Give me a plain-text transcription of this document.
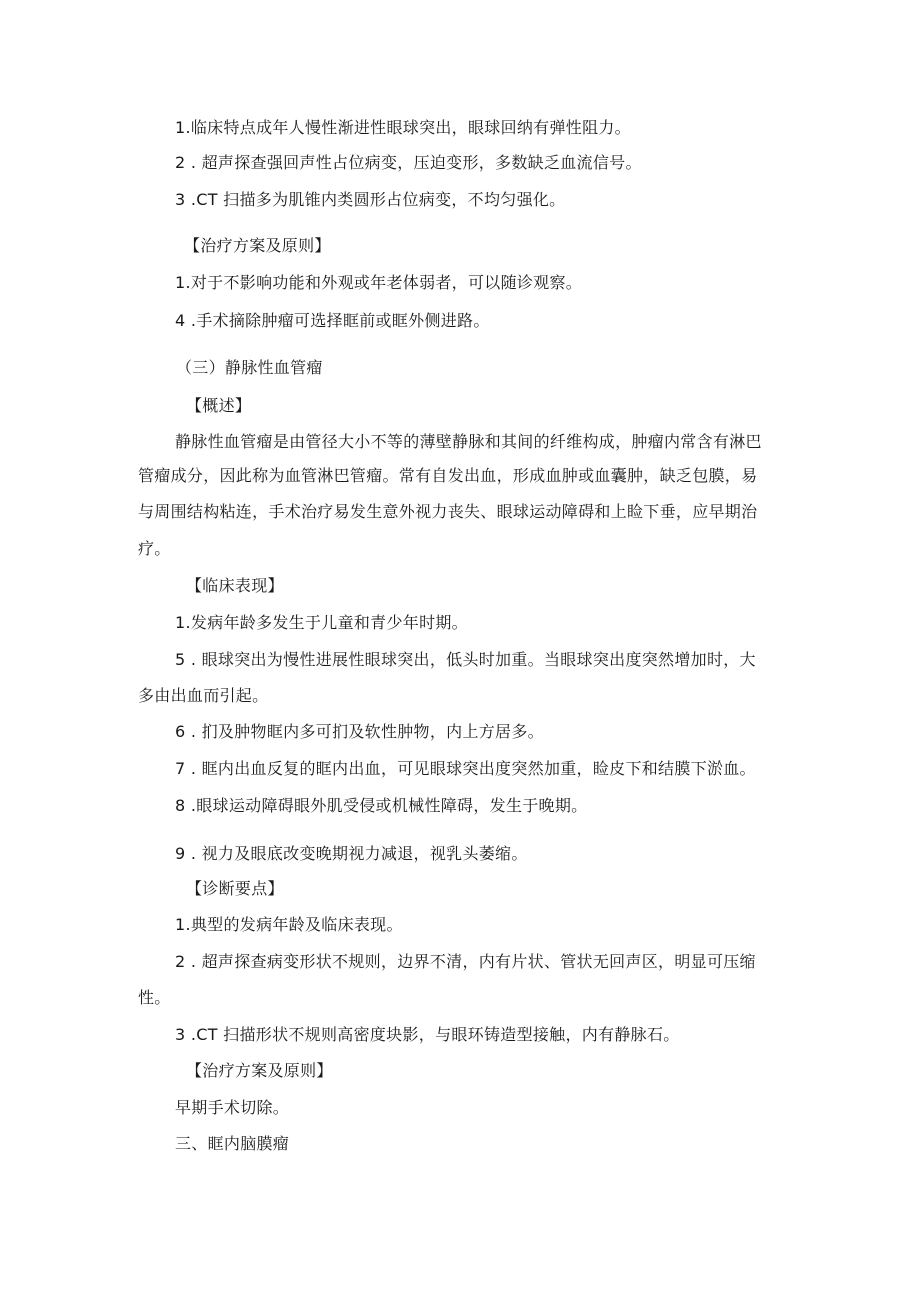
1.临床特点成年人慢性渐进性眼球突出，眼球回纳有弹性阻力。
2 . 超声探查强回声性占位病变，压迫变形，多数缺乏血流信号。
3 .CT 扫描多为肌锥内类圆形占位病变，不均匀强化。
【治疗方案及原则】
1.对于不影响功能和外观或年老体弱者，可以随诊观察。
4 .手术摘除肿瘤可选择眶前或眶外侧进路。
（三）静脉性血管瘤
【概述】
静脉性血管瘤是由管径大小不等的薄壁静脉和其间的纤维构成，肿瘤内常含有淋巴
管瘤成分，因此称为血管淋巴管瘤。常有自发出血，形成血肿或血囊肿，缺乏包膜，易
与周围结构粘连，手术治疗易发生意外视力丧失、眼球运动障碍和上睑下垂，应早期治
疗。
【临床表现】
1.发病年龄多发生于儿童和青少年时期。
5 . 眼球突出为慢性进展性眼球突出，低头时加重。当眼球突出度突然增加时，大
多由出血而引起。
6 . 扪及肿物眶内多可扪及软性肿物，内上方居多。
7 . 眶内出血反复的眶内出血，可见眼球突出度突然加重，睑皮下和结膜下淤血。
8 .眼球运动障碍眼外肌受侵或机械性障碍，发生于晚期。
9 . 视力及眼底改变晚期视力减退，视乳头萎缩。
【诊断要点】
1.典型的发病年龄及临床表现。
2 . 超声探查病变形状不规则，边界不清，内有片状、管状无回声区，明显可压缩
性。
3 .CT 扫描形状不规则高密度块影，与眼环铸造型接触，内有静脉石。
【治疗方案及原则】
早期手术切除。
三、眶内脑膜瘤
